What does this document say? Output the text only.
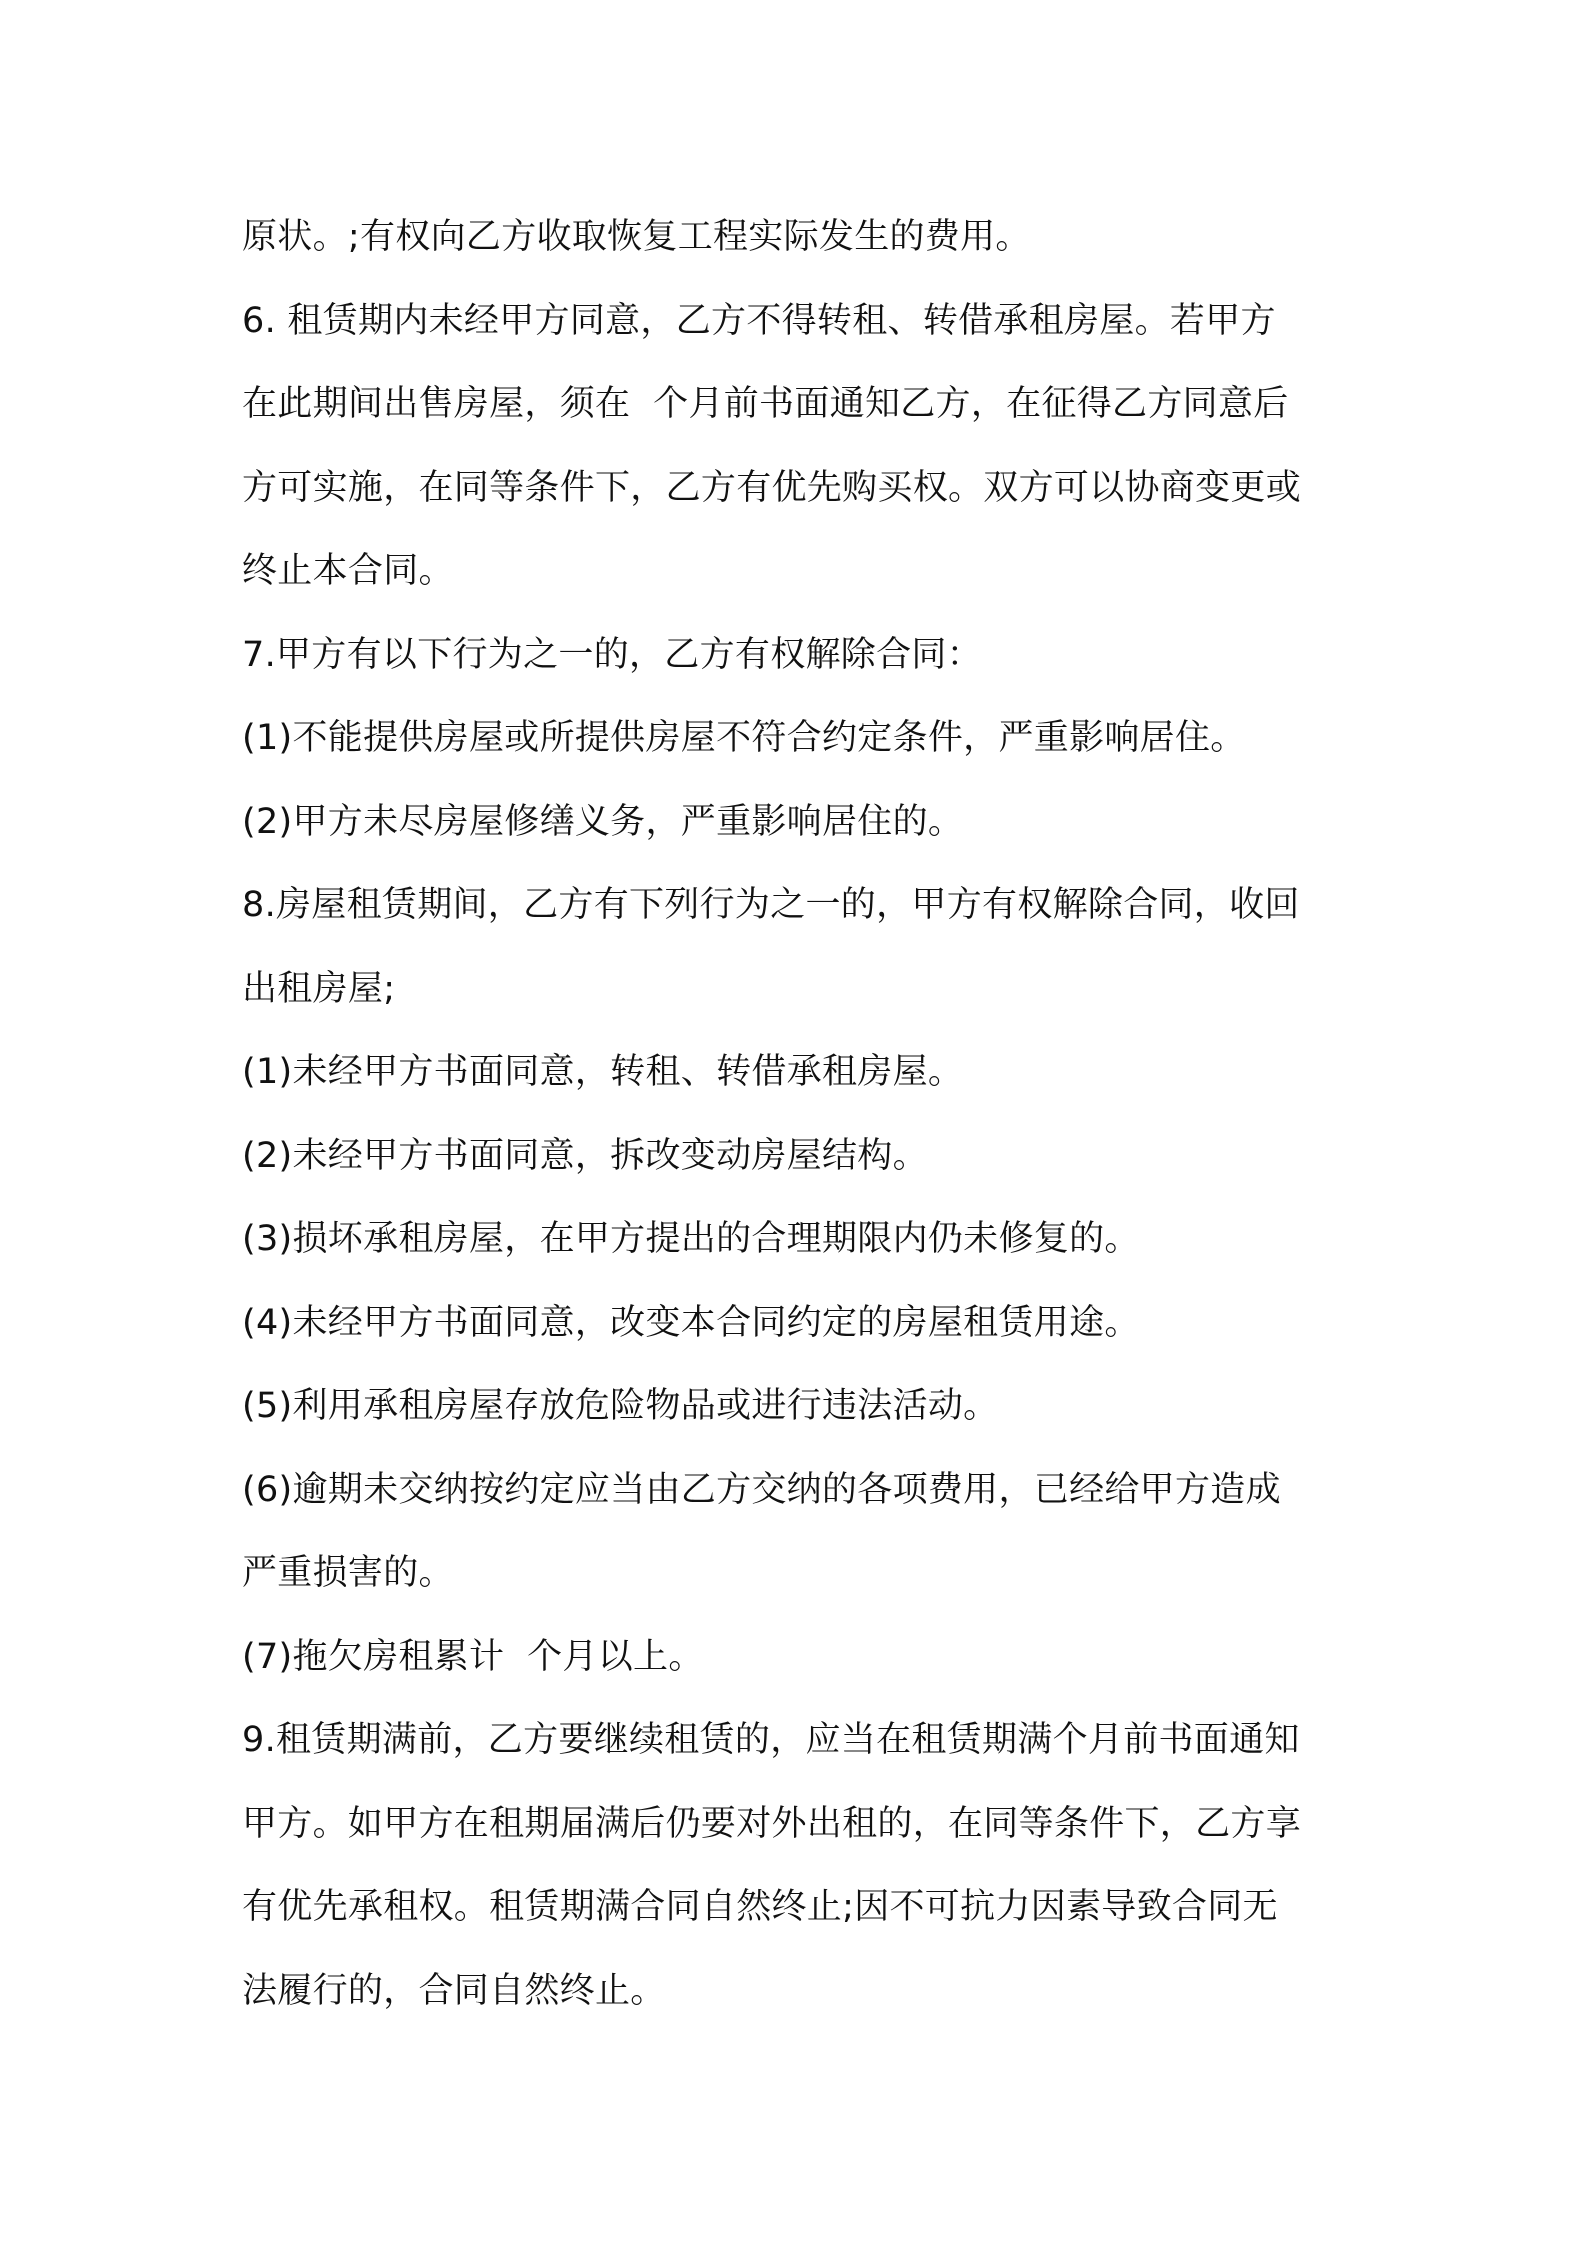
原状。;有权向乙方收取恢复工程实际发生的费用。
6. 租赁期内未经甲方同意，乙方不得转租、转借承租房屋。若甲方
在此期间出售房屋，须在  个月前书面通知乙方，在征得乙方同意后
方可实施，在同等条件下，乙方有优先购买权。双方可以协商变更或
终止本合同。
7.甲方有以下行为之一的，乙方有权解除合同：
(1)不能提供房屋或所提供房屋不符合约定条件，严重影响居住。
(2)甲方未尽房屋修缮义务，严重影响居住的。
8.房屋租赁期间，乙方有下列行为之一的，甲方有权解除合同，收回
出租房屋;
(1)未经甲方书面同意，转租、转借承租房屋。
(2)未经甲方书面同意，拆改变动房屋结构。
(3)损坏承租房屋，在甲方提出的合理期限内仍未修复的。
(4)未经甲方书面同意，改变本合同约定的房屋租赁用途。
(5)利用承租房屋存放危险物品或进行违法活动。
(6)逾期未交纳按约定应当由乙方交纳的各项费用，已经给甲方造成
严重损害的。
(7)拖欠房租累计  个月以上。
9.租赁期满前，乙方要继续租赁的，应当在租赁期满个月前书面通知
甲方。如甲方在租期届满后仍要对外出租的，在同等条件下，乙方享
有优先承租权。租赁期满合同自然终止;因不可抗力因素导致合同无
法履行的，合同自然终止。
